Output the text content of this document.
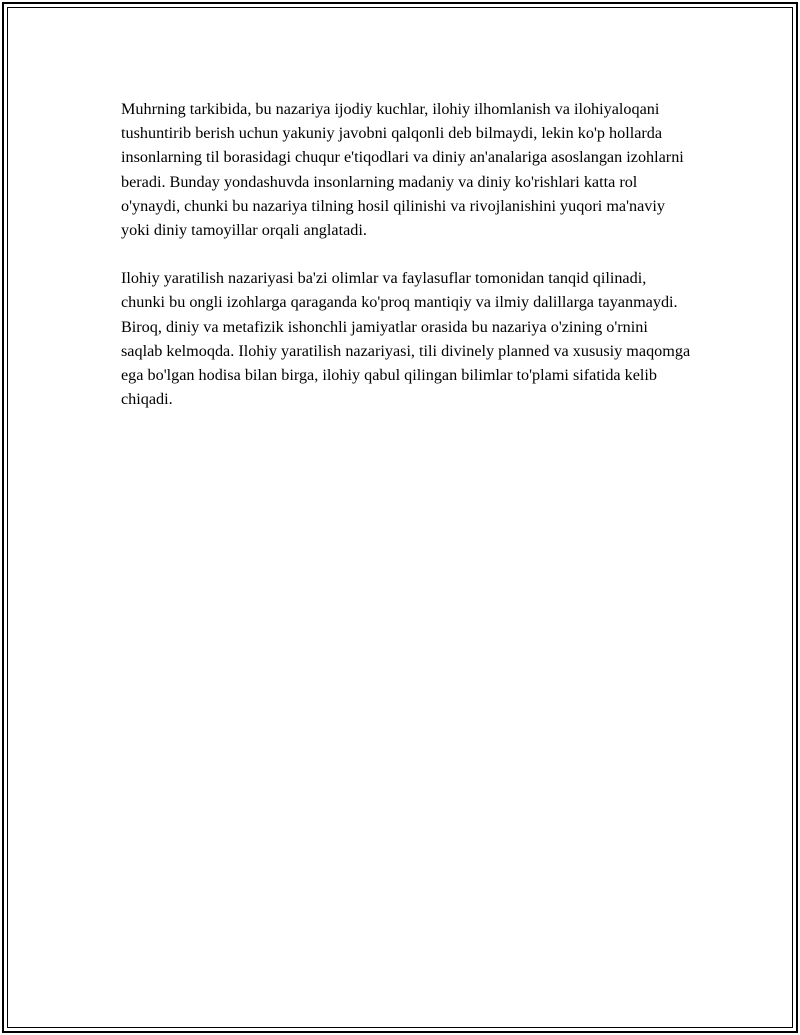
Muhrning tarkibida, bu nazariya ijodiy kuchlar, ilohiy ilhomlanish va ilohiyaloqani tushuntirib berish uchun yakuniy javobni qalqonli deb bilmaydi, lekin ko'p hollarda insonlarning til borasidagi chuqur e'tiqodlari va diniy an'analariga asoslangan izohlarni beradi. Bunday yondashuvda insonlarning madaniy va diniy ko'rishlari katta rol o'ynaydi, chunki bu nazariya tilning hosil qilinishi va rivojlanishini yuqori ma'naviy yoki diniy tamoyillar orqali anglatadi.

Ilohiy yaratilish nazariyasi ba'zi olimlar va faylasuflar tomonidan tanqid qilinadi, chunki bu ongli izohlarga qaraganda ko'proq mantiqiy va ilmiy dalillarga tayanmaydi. Biroq, diniy va metafizik ishonchli jamiyatlar orasida bu nazariya o'zining o'rnini saqlab kelmoqda. Ilohiy yaratilish nazariyasi, tili divinely planned va xususiy maqomga ega bo'lgan hodisa bilan birga, ilohiy qabul qilingan bilimlar to'plami sifatida kelib chiqadi.
